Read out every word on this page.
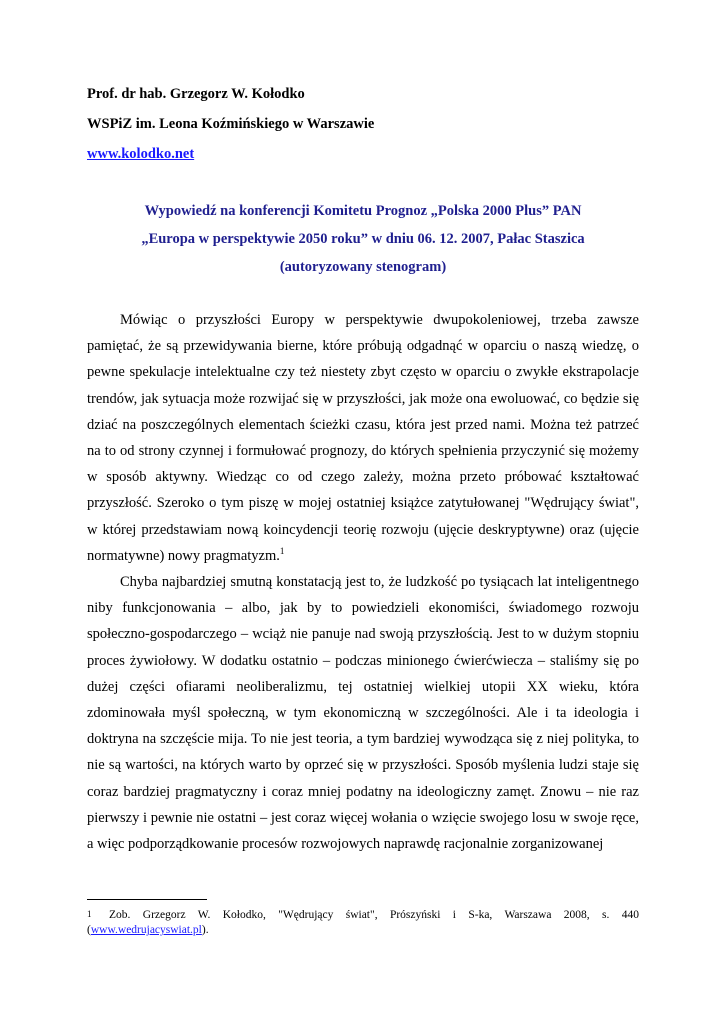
Prof. dr hab. Grzegorz W. Kołodko

WSPiZ im. Leona Koźmińskiego w Warszawie

www.kolodko.net

Wypowiedź na konferencji Komitetu Prognoz „Polska 2000 Plus” PAN

„Europa w perspektywie 2050 roku” w dniu 06. 12. 2007, Pałac Staszica

(autoryzowany stenogram)

Mówiąc o przyszłości Europy w perspektywie dwupokoleniowej, trzeba zawsze pamiętać, że są przewidywania bierne, które próbują odgadnąć w oparciu o naszą wiedzę, o pewne spekulacje intelektualne czy też niestety zbyt często w oparciu o zwykłe ekstrapolacje trendów, jak sytuacja może rozwijać się w przyszłości, jak może ona ewoluować, co będzie się dziać na poszczególnych elementach ścieżki czasu, która jest przed nami. Można też patrzeć na to od strony czynnej i formułować prognozy, do których spełnienia przyczynić się możemy w sposób aktywny. Wiedząc co od czego zależy, można przeto próbować kształtować przyszłość. Szeroko o tym piszę w mojej ostatniej książce zatytułowanej "Wędrujący świat", w której przedstawiam nową koincydencji teorię rozwoju (ujęcie deskryptywne) oraz (ujęcie normatywne) nowy pragmatyzm.$^1$

Chyba najbardziej smutną konstatacją jest to, że ludzkość po tysiącach lat inteligentnego niby funkcjonowania – albo, jak by to powiedzieli ekonomiści, świadomego rozwoju społeczno-gospodarczego – wciąż nie panuje nad swoją przyszłością. Jest to w dużym stopniu proces żywiołowy. W dodatku ostatnio – podczas minionego ćwierćwiecza – staliśmy się po dużej części ofiarami neoliberalizmu, tej ostatniej wielkiej utopii XX wieku, która zdominowała myśl społeczną, w tym ekonomiczną w szczególności. Ale i ta ideologia i doktryna na szczęście mija. To nie jest teoria, a tym bardziej wywodząca się z niej polityka, to nie są wartości, na których warto by oprzeć się w przyszłości. Sposób myślenia ludzi staje się coraz bardziej pragmatyczny i coraz mniej podatny na ideologiczny zamęt. Znowu – nie raz pierwszy i pewnie nie ostatni – jest coraz więcej wołania o wzięcie swojego losu w swoje ręce, a więc podporządkowanie procesów rozwojowych naprawdę racjonalnie zorganizowanej

1 Zob. Grzegorz W. Kołodko, "Wędrujący świat", Prószyński i S-ka, Warszawa 2008, s. 440 (www.wedrujacyswiat.pl).
